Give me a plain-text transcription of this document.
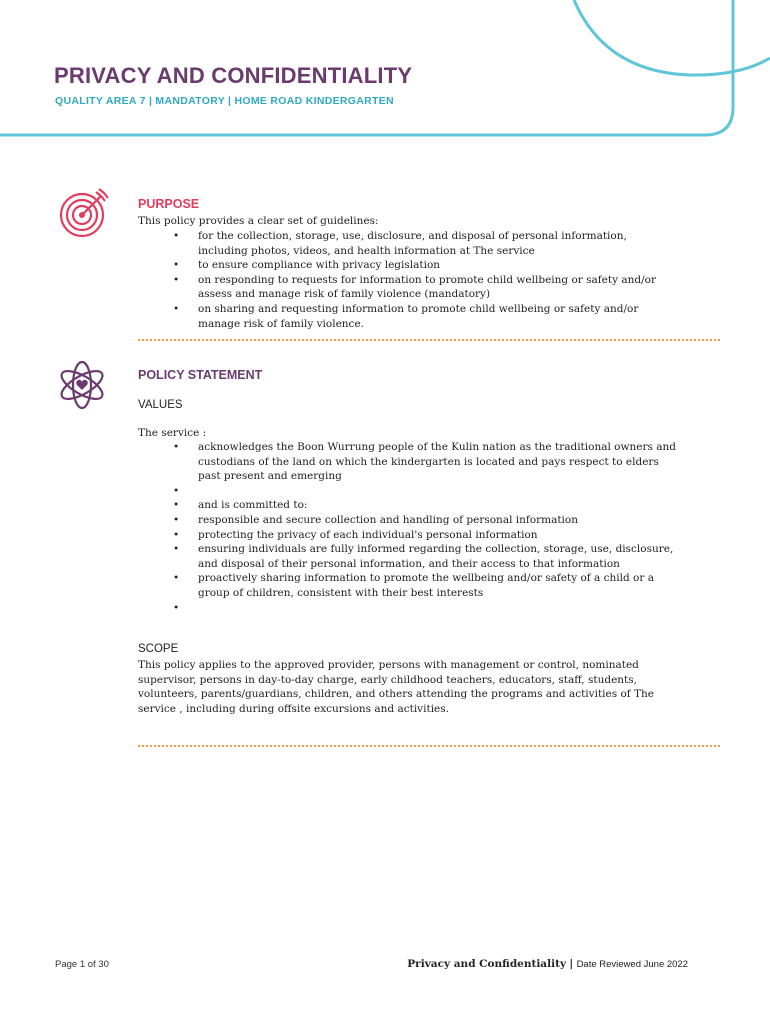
PRIVACY AND CONFIDENTIALITY
QUALITY AREA 7 | MANDATORY | HOME ROAD KINDERGARTEN
PURPOSE
This policy provides a clear set of guidelines:
• for the collection, storage, use, disclosure, and disposal of personal information, including photos, videos, and health information at The service
• to ensure compliance with privacy legislation
• on responding to requests for information to promote child wellbeing or safety and/or assess and manage risk of family violence (mandatory)
• on sharing and requesting information to promote child wellbeing or safety and/or manage risk of family violence.
POLICY STATEMENT
VALUES
The service :
• acknowledges the Boon Wurrung people of the Kulin nation as the traditional owners and custodians of the land on which the kindergarten is located and pays respect to elders past present and emerging
•
• and is committed to:
• responsible and secure collection and handling of personal information
• protecting the privacy of each individual's personal information
• ensuring individuals are fully informed regarding the collection, storage, use, disclosure, and disposal of their personal information, and their access to that information
• proactively sharing information to promote the wellbeing and/or safety of a child or a group of children, consistent with their best interests
•
SCOPE
This policy applies to the approved provider, persons with management or control, nominated supervisor, persons in day-to-day charge, early childhood teachers, educators, staff, students, volunteers, parents/guardians, children, and others attending the programs and activities of The service , including during offsite excursions and activities.
Page 1 of 30	Privacy and Confidentiality | Date Reviewed June 2022
